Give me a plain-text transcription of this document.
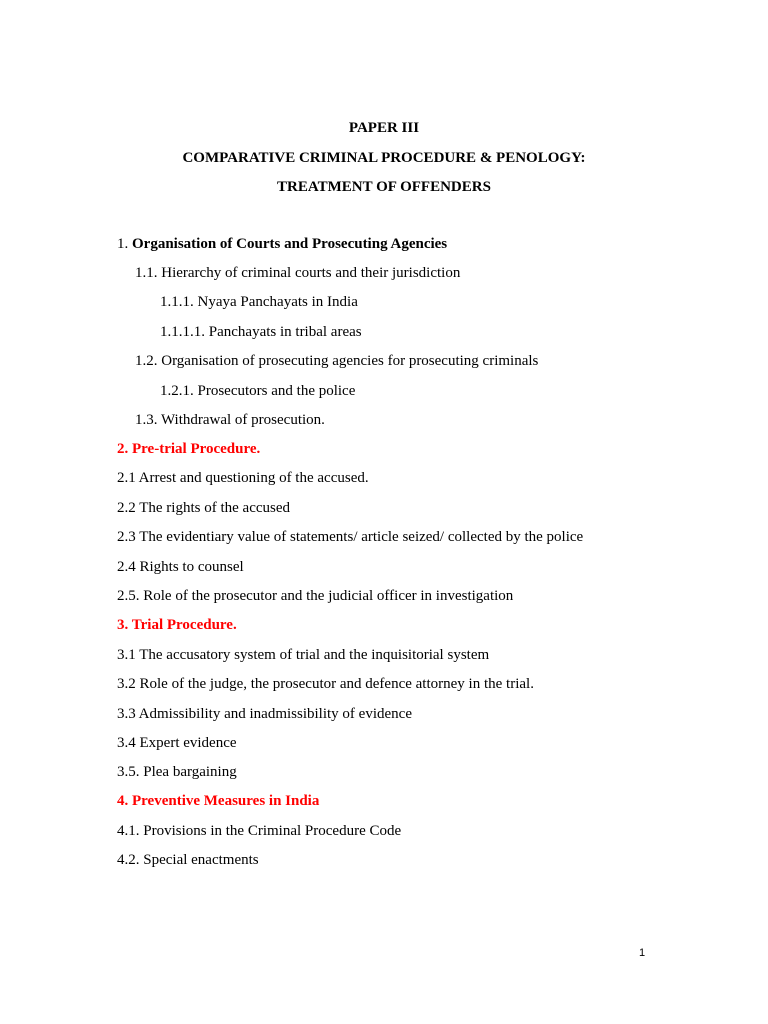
PAPER III
COMPARATIVE CRIMINAL PROCEDURE & PENOLOGY:
TREATMENT OF OFFENDERS
1. Organisation of Courts and Prosecuting Agencies
1.1. Hierarchy of criminal courts and their jurisdiction
1.1.1. Nyaya Panchayats in India
1.1.1.1. Panchayats in tribal areas
1.2. Organisation of prosecuting agencies for prosecuting criminals
1.2.1. Prosecutors and the police
1.3. Withdrawal of prosecution.
2. Pre-trial Procedure.
2.1 Arrest and questioning of the accused.
2.2 The rights of the accused
2.3 The evidentiary value of statements/ article seized/ collected by the police
2.4 Rights to counsel
2.5. Role of the prosecutor and the judicial officer in investigation
3. Trial Procedure.
3.1 The accusatory system of trial and the inquisitorial system
3.2 Role of the judge, the prosecutor and defence attorney in the trial.
3.3 Admissibility and inadmissibility of evidence
3.4 Expert evidence
3.5. Plea bargaining
4. Preventive Measures in India
4.1. Provisions in the Criminal Procedure Code
4.2. Special enactments
1
